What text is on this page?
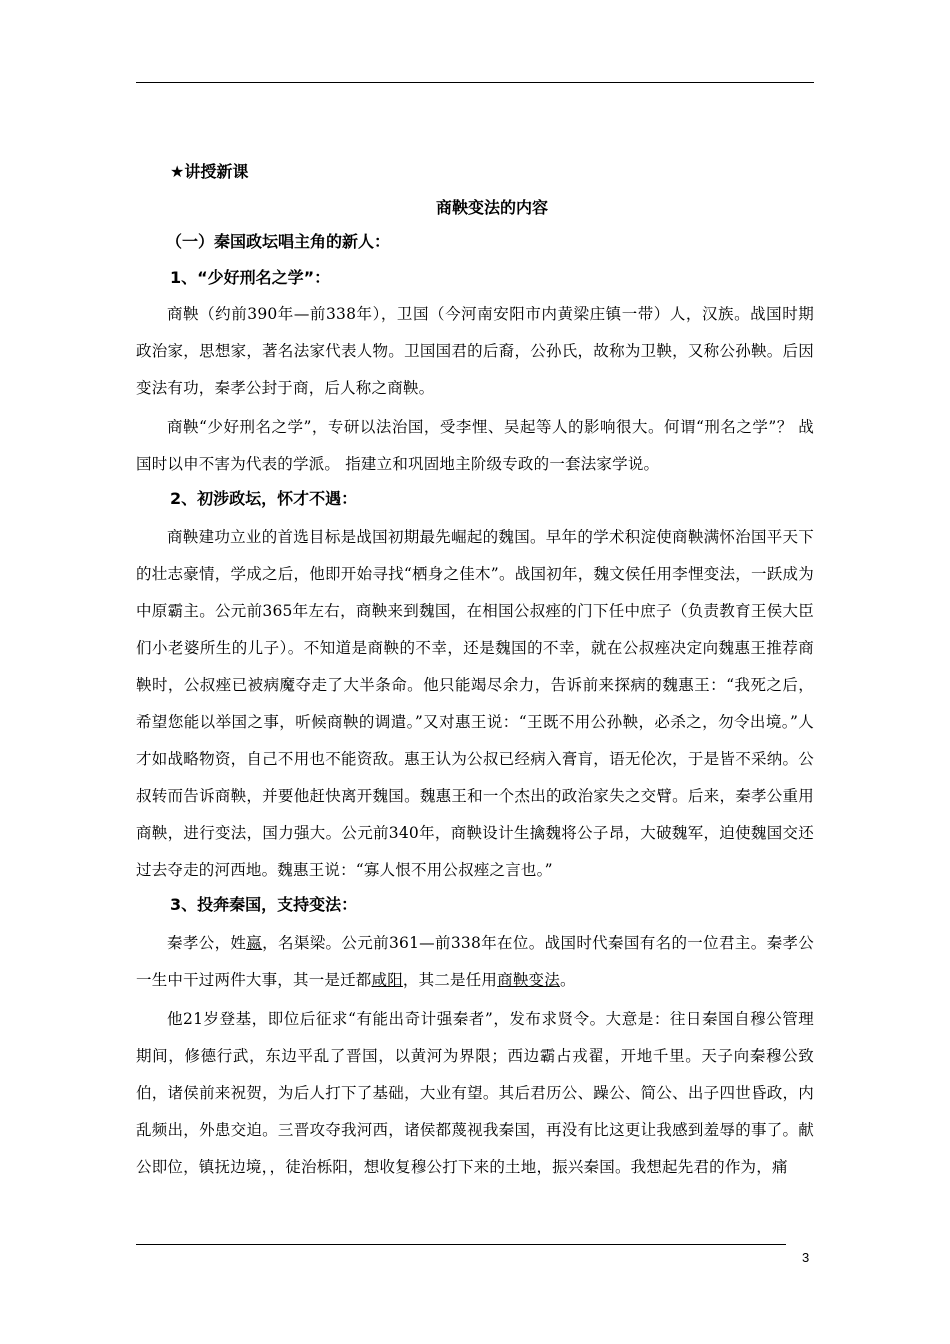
★讲授新课
商鞅变法的内容
（一）秦国政坛唱主角的新人：
1、“少好刑名之学”：

商鞅（约前390年—前338年），卫国（今河南安阳市内黄梁庄镇一带）人，汉族。战国时期政治家，思想家，著名法家代表人物。卫国国君的后裔，公孙氏，故称为卫鞅，又称公孙鞅。后因变法有功，秦孝公封于商，后人称之商鞅。

商鞅“少好刑名之学”，专研以法治国，受李悝、吴起等人的影响很大。何谓“刑名之学”？ 战国时以申不害为代表的学派。 指建立和巩固地主阶级专政的一套法家学说。

2、初涉政坛，怀才不遇：

商鞅建功立业的首选目标是战国初期最先崛起的魏国。早年的学术积淀使商鞅满怀治国平天下的壮志豪情，学成之后，他即开始寻找“栖身之佳木”。战国初年，魏文侯任用李悝变法，一跃成为中原霸主。公元前365年左右，商鞅来到魏国，在相国公叔痤的门下任中庶子（负责教育王侯大臣们小老婆所生的儿子）。不知道是商鞅的不幸，还是魏国的不幸，就在公叔痤决定向魏惠王推荐商鞅时，公叔痤已被病魔夺走了大半条命。他只能竭尽余力，告诉前来探病的魏惠王：“我死之后，希望您能以举国之事，听候商鞅的调遣。”又对惠王说：“王既不用公孙鞅，必杀之，勿令出境。”人才如战略物资，自己不用也不能资敌。惠王认为公叔已经病入膏肓，语无伦次，于是皆不采纳。公叔转而告诉商鞅，并要他赶快离开魏国。魏惠王和一个杰出的政治家失之交臂。后来，秦孝公重用商鞅，进行变法，国力强大。公元前340年，商鞅设计生擒魏将公子昂，大破魏军，迫使魏国交还过去夺走的河西地。魏惠王说：“寡人恨不用公叔痤之言也。”

3、投奔秦国，支持变法：

秦孝公，姓嬴，名渠梁。公元前361—前338年在位。战国时代秦国有名的一位君主。秦孝公一生中干过两件大事，其一是迁都咸阳，其二是任用商鞅变法。

他21岁登基，即位后征求“有能出奇计强秦者”，发布求贤令。大意是：往日秦国自穆公管理期间，修德行武，东边平乱了晋国，以黄河为界限；西边霸占戎翟，开地千里。天子向秦穆公致伯，诸侯前来祝贺，为后人打下了基础，大业有望。其后君历公、躁公、简公、出子四世昏政，内乱频出，外患交迫。三晋攻夺我河西，诸侯都蔑视我秦国，再没有比这更让我感到羞辱的事了。献公即位，镇抚边境，，徒治栎阳，想收复穆公打下来的土地，振兴秦国。我想起先君的作为，痛

3
